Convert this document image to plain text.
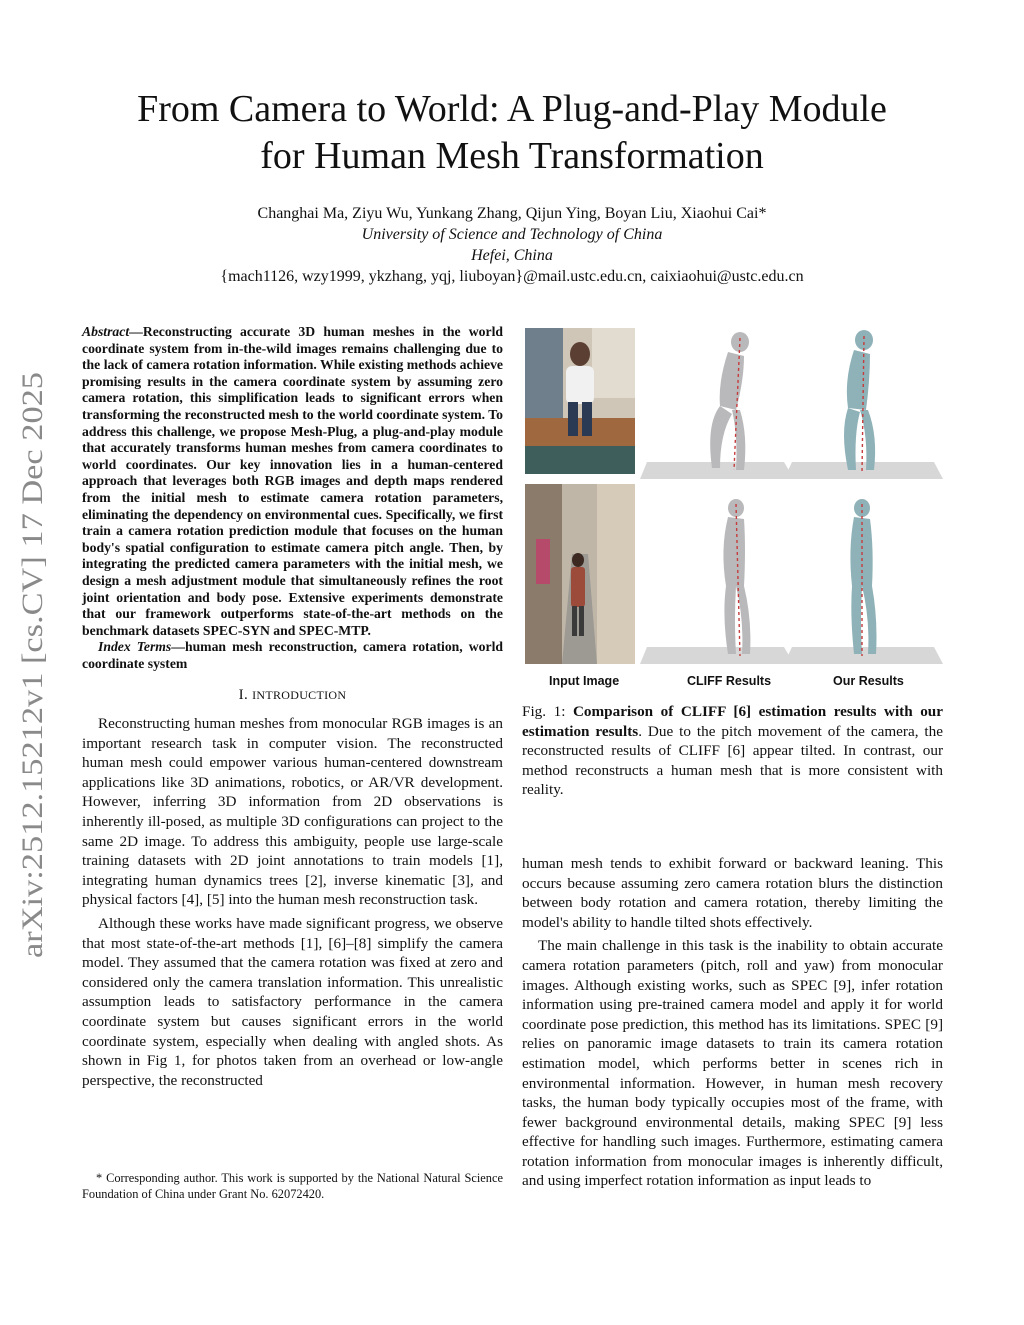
arXiv:2512.15212v1 [cs.CV] 17 Dec 2025
From Camera to World: A Plug-and-Play Module
for Human Mesh Transformation
Changhai Ma, Ziyu Wu, Yunkang Zhang, Qijun Ying, Boyan Liu, Xiaohui Cai*
University of Science and Technology of China
Hefei, China
{mach1126, wzy1999, ykzhang, yqj, liuboyan}@mail.ustc.edu.cn, caixiaohui@ustc.edu.cn

Abstract—Reconstructing accurate 3D human meshes in the world coordinate system from in-the-wild images remains challenging due to the lack of camera rotation information. While existing methods achieve promising results in the camera coordinate system by assuming zero camera rotation, this simplification leads to significant errors when transforming the reconstructed mesh to the world coordinate system. To address this challenge, we propose Mesh-Plug, a plug-and-play module that accurately transforms human meshes from camera coordinates to world coordinates. Our key innovation lies in a human-centered approach that leverages both RGB images and depth maps rendered from the initial mesh to estimate camera rotation parameters, eliminating the dependency on environmental cues. Specifically, we first train a camera rotation prediction module that focuses on the human body's spatial configuration to estimate camera pitch angle. Then, by integrating the predicted camera parameters with the initial mesh, we design a mesh adjustment module that simultaneously refines the root joint orientation and body pose. Extensive experiments demonstrate that our framework outperforms state-of-the-art methods on the benchmark datasets SPEC-SYN and SPEC-MTP.

Index Terms—human mesh reconstruction, camera rotation, world coordinate system

I. INTRODUCTION

Reconstructing human meshes from monocular RGB images is an important research task in computer vision. The reconstructed human mesh could empower various human-centered downstream applications like 3D animations, robotics, or AR/VR development. However, inferring 3D information from 2D observations is inherently ill-posed, as multiple 3D configurations can project to the same 2D image. To address this ambiguity, people use large-scale training datasets with 2D joint annotations to train models [1], integrating human dynamics trees [2], inverse kinematic [3], and physical factors [4], [5] into the human mesh reconstruction task.

Although these works have made significant progress, we observe that most state-of-the-art methods [1], [6]–[8] simplify the camera model. They assumed that the camera rotation was fixed at zero and considered only the camera translation information. This unrealistic assumption leads to satisfactory performance in the camera coordinate system but causes significant errors in the world coordinate system, especially when dealing with angled shots. As shown in Fig 1, for photos taken from an overhead or low-angle perspective, the reconstructed

* Corresponding author. This work is supported by the National Natural Science Foundation of China under Grant No. 62072420.
Input Image	CLIFF Results	Our Results

Fig. 1: Comparison of CLIFF [6] estimation results with our estimation results. Due to the pitch movement of the camera, the reconstructed results of CLIFF [6] appear tilted. In contrast, our method reconstructs a human mesh that is more consistent with reality.

human mesh tends to exhibit forward or backward leaning. This occurs because assuming zero camera rotation blurs the distinction between body rotation and camera rotation, thereby limiting the model's ability to handle tilted shots effectively.

The main challenge in this task is the inability to obtain accurate camera rotation parameters (pitch, roll and yaw) from monocular images. Although existing works, such as SPEC [9], infer rotation information using pre-trained camera model and apply it for world coordinate pose prediction, this method has its limitations. SPEC [9] relies on panoramic image datasets to train its camera rotation estimation model, which performs better in scenes rich in environmental information. However, in human mesh recovery tasks, the human body typically occupies most of the frame, with fewer background environmental details, making SPEC [9] less effective for handling such images. Furthermore, estimating camera rotation information from monocular images is inherently difficult, and using imperfect rotation information as input leads to
